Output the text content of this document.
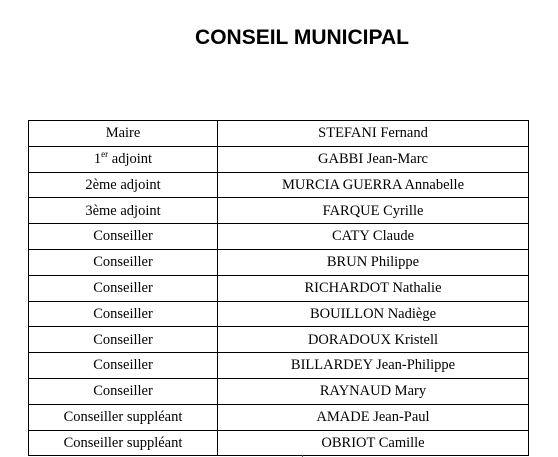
CONSEIL MUNICIPAL
Maire	STEFANI Fernand
1er adjoint	GABBI Jean-Marc
2ème adjoint	MURCIA GUERRA Annabelle
3ème adjoint	FARQUE Cyrille
Conseiller	CATY Claude
Conseiller	BRUN Philippe
Conseiller	RICHARDOT Nathalie
Conseiller	BOUILLON Nadiège
Conseiller	DORADOUX Kristell
Conseiller	BILLARDEY Jean-Philippe
Conseiller	RAYNAUD Mary
Conseiller suppléant	AMADE Jean-Paul
Conseiller suppléant	OBRIOT Camille
